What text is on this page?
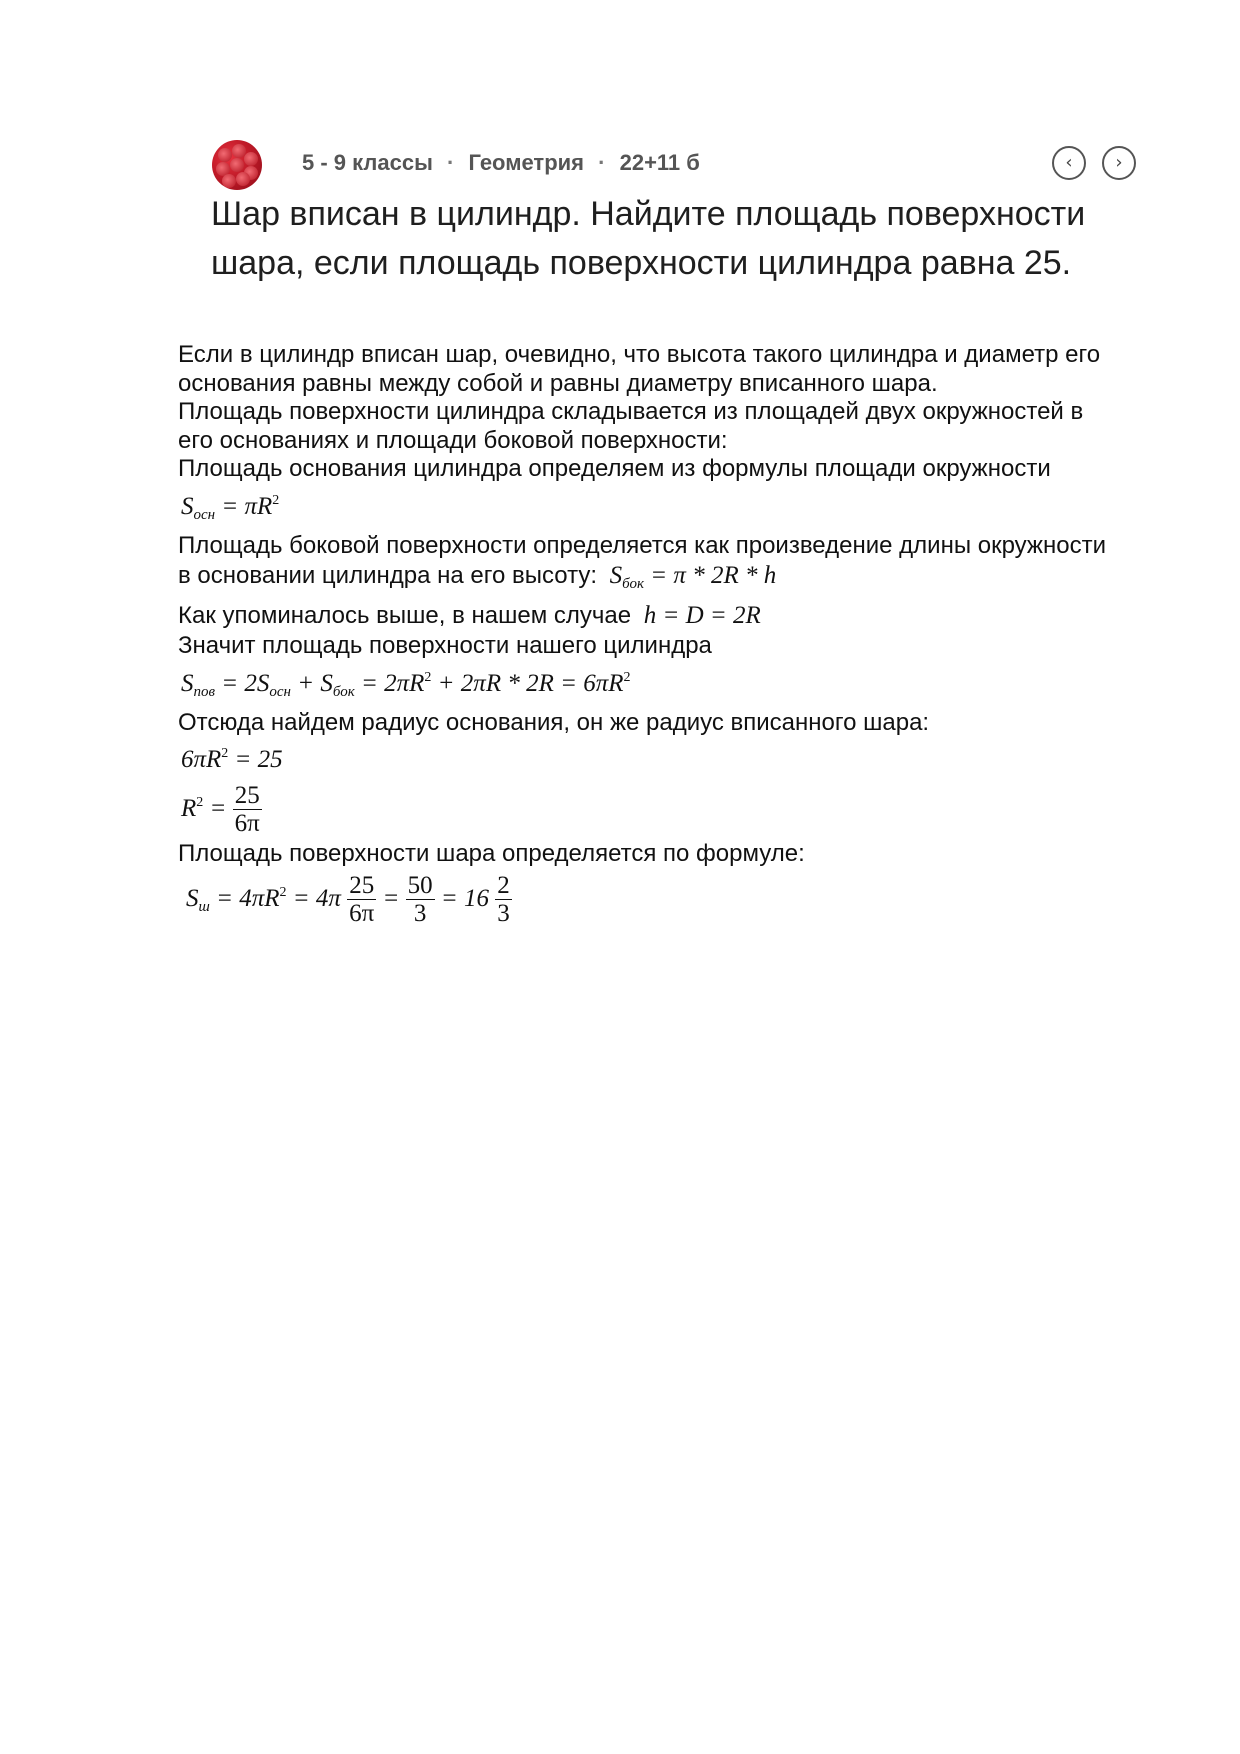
5 - 9 классы · Геометрия · 22+11 б	‹	›
Шар вписан в цилиндр. Найдите площадь поверхности шара, если площадь поверхности цилиндра равна 25.
Если в цилиндр вписан шар, очевидно, что высота такого цилиндра и диаметр его
основания равны между собой и равны диаметру вписанного шара.
Площадь поверхности цилиндра складывается из площадей двух окружностей в
его основаниях и площади боковой поверхности:
Площадь основания цилиндра определяем из формулы площади окружности
$S_{осн} = \pi R^2$
Площадь боковой поверхности определяется как произведение длины окружности
в основании цилиндра на его высоту: $S_{бок} = \pi * 2R * h$
Как упоминалось выше, в нашем случае h = D = 2R
Значит площадь поверхности нашего цилиндра
$S_{пов} = 2S_{осн} + S_{бок} = 2\pi R^2 + 2\pi R * 2R = 6\pi R^2$
Отсюда найдем радиус основания, он же радиус вписанного шара:
$6\pi R^2 = 25$
$R^2 = \frac{25}{6\pi}$
Площадь поверхности шара определяется по формуле:
$S_ш = 4\pi R^2 = 4\pi \frac{25}{6\pi} = \frac{50}{3} = 16 \frac{2}{3}$
